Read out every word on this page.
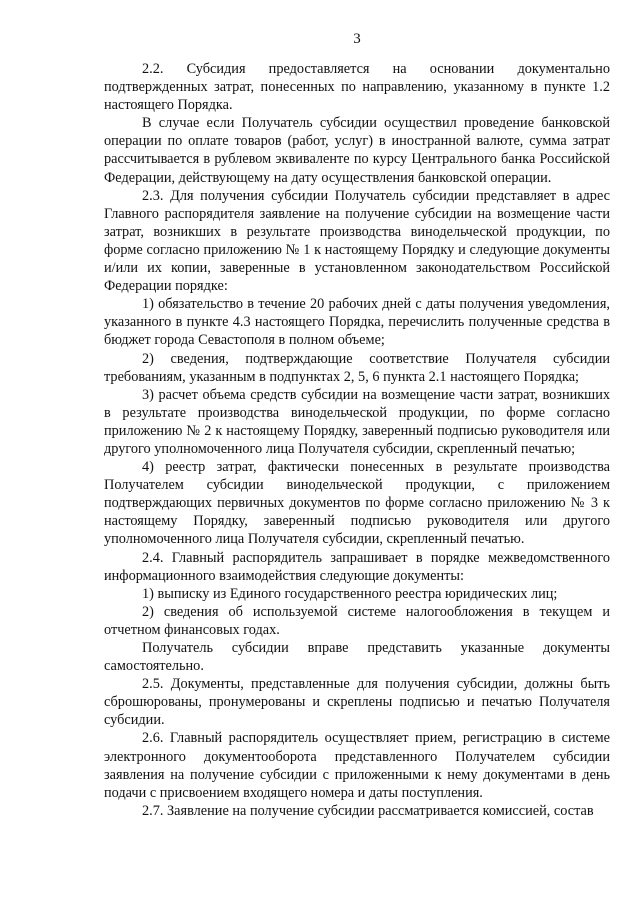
3

2.2. Субсидия предоставляется на основании документально подтвержденных затрат, понесенных по направлению, указанному в пункте 1.2 настоящего Порядка.

В случае если Получатель субсидии осуществил проведение банковской операции по оплате товаров (работ, услуг) в иностранной валюте, сумма затрат рассчитывается в рублевом эквиваленте по курсу Центрального банка Российской Федерации, действующему на дату осуществления банковской операции.

2.3. Для получения субсидии Получатель субсидии представляет в адрес Главного распорядителя заявление на получение субсидии на возмещение части затрат, возникших в результате производства винодельческой продукции, по форме согласно приложению № 1 к настоящему Порядку и следующие документы и/или их копии, заверенные в установленном законодательством Российской Федерации порядке:

1) обязательство в течение 20 рабочих дней с даты получения уведомления, указанного в пункте 4.3 настоящего Порядка, перечислить полученные средства в бюджет города Севастополя в полном объеме;

2) сведения, подтверждающие соответствие Получателя субсидии требованиям, указанным в подпунктах 2, 5, 6 пункта 2.1 настоящего Порядка;

3) расчет объема средств субсидии на возмещение части затрат, возникших в результате производства винодельческой продукции, по форме согласно приложению № 2 к настоящему Порядку, заверенный подписью руководителя или другого уполномоченного лица Получателя субсидии, скрепленный печатью;

4) реестр затрат, фактически понесенных в результате производства Получателем субсидии винодельческой продукции, с приложением подтверждающих первичных документов по форме согласно приложению № 3 к настоящему Порядку, заверенный подписью руководителя или другого уполномоченного лица Получателя субсидии, скрепленный печатью.

2.4. Главный распорядитель запрашивает в порядке межведомственного информационного взаимодействия следующие документы:

1) выписку из Единого государственного реестра юридических лиц;

2) сведения об используемой системе налогообложения в текущем и отчетном финансовых годах.

Получатель субсидии вправе представить указанные документы самостоятельно.

2.5. Документы, представленные для получения субсидии, должны быть сброшюрованы, пронумерованы и скреплены подписью и печатью Получателя субсидии.

2.6. Главный распорядитель осуществляет прием, регистрацию в системе электронного документооборота представленного Получателем субсидии заявления на получение субсидии с приложенными к нему документами в день подачи с присвоением входящего номера и даты поступления.

2.7. Заявление на получение субсидии рассматривается комиссией, состав
